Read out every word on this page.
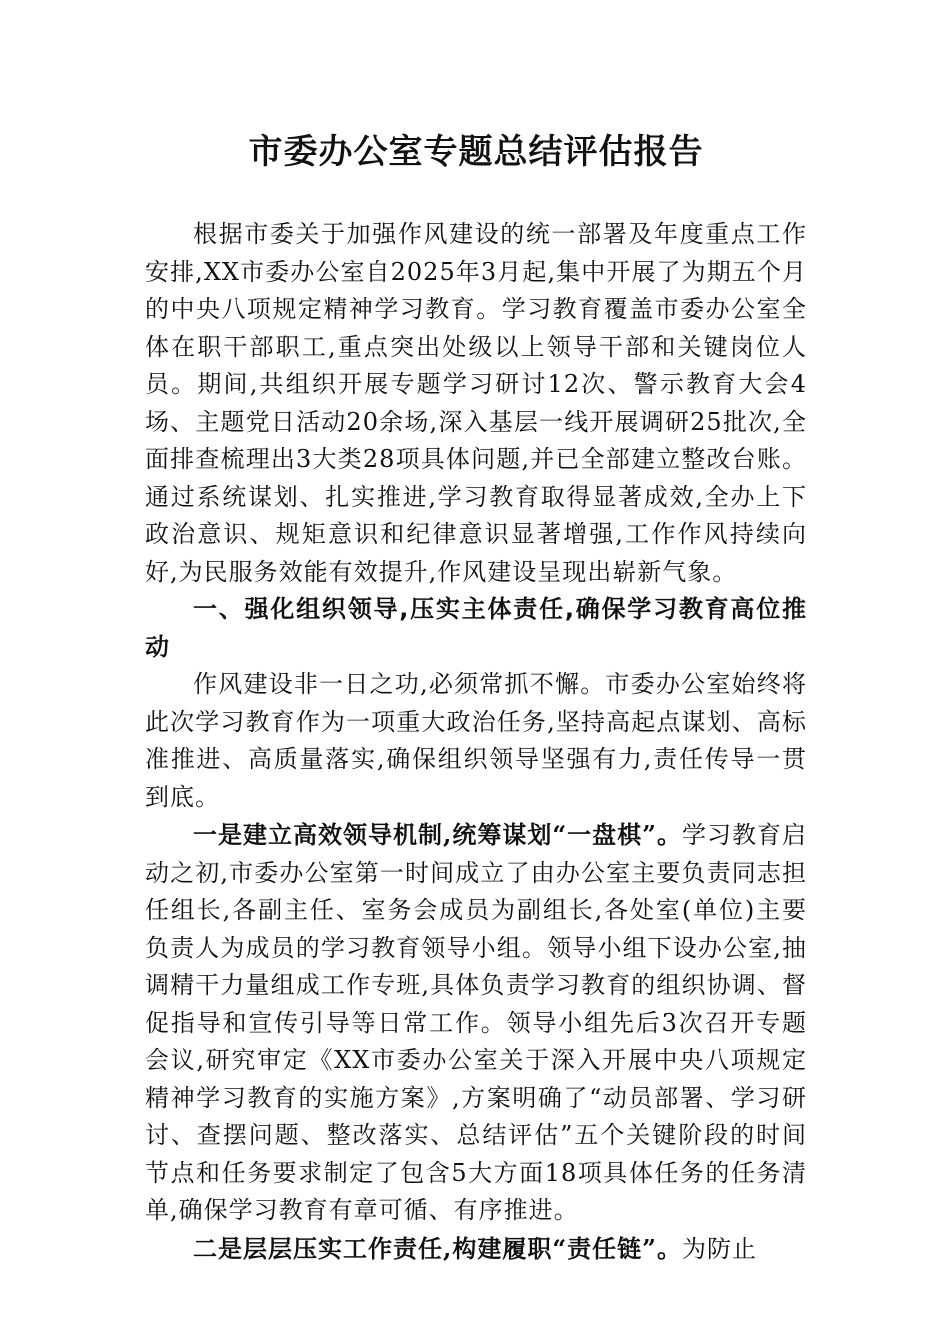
市委办公室专题总结评估报告

根据市委关于加强作风建设的统一部署及年度重点工作安排,XX市委办公室自2025年3月起,集中开展了为期五个月的中央八项规定精神学习教育。学习教育覆盖市委办公室全体在职干部职工,重点突出处级以上领导干部和关键岗位人员。期间,共组织开展专题学习研讨12次、警示教育大会4场、主题党日活动20余场,深入基层一线开展调研25批次,全面排查梳理出3大类28项具体问题,并已全部建立整改台账。通过系统谋划、扎实推进,学习教育取得显著成效,全办上下政治意识、规矩意识和纪律意识显著增强,工作作风持续向好,为民服务效能有效提升,作风建设呈现出崭新气象。

一、强化组织领导,压实主体责任,确保学习教育高位推动

作风建设非一日之功,必须常抓不懈。市委办公室始终将此次学习教育作为一项重大政治任务,坚持高起点谋划、高标准推进、高质量落实,确保组织领导坚强有力,责任传导一贯到底。

一是建立高效领导机制,统筹谋划“一盘棋”。学习教育启动之初,市委办公室第一时间成立了由办公室主要负责同志担任组长,各副主任、室务会成员为副组长,各处室(单位)主要负责人为成员的学习教育领导小组。领导小组下设办公室,抽调精干力量组成工作专班,具体负责学习教育的组织协调、督促指导和宣传引导等日常工作。领导小组先后3次召开专题会议,研究审定《XX市委办公室关于深入开展中央八项规定精神学习教育的实施方案》,方案明确了“动员部署、学习研讨、查摆问题、整改落实、总结评估”五个关键阶段的时间节点和任务要求制定了包含5大方面18项具体任务的任务清单,确保学习教育有章可循、有序推进。

二是层层压实工作责任,构建履职“责任链”。为防止
